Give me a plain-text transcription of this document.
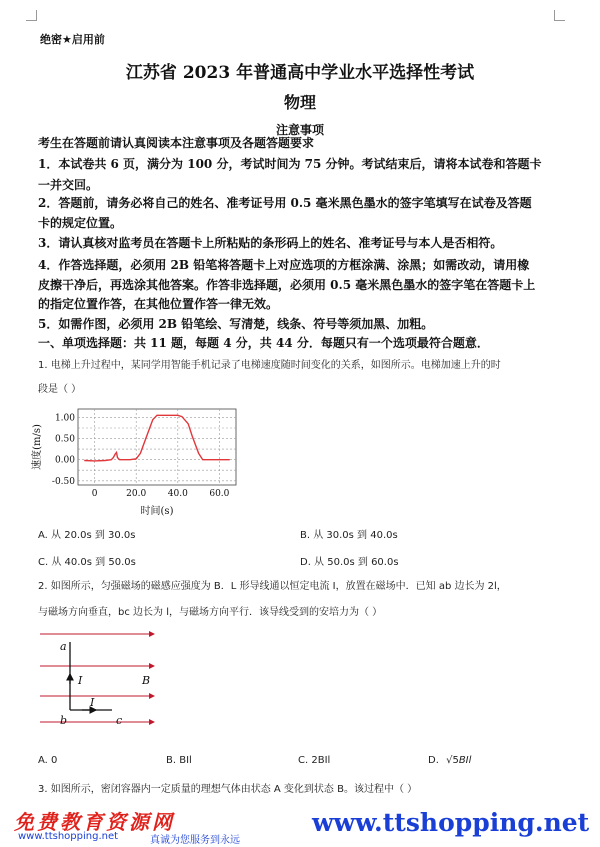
绝密★启用前
江苏省 2023 年普通高中学业水平选择性考试
物理
注意事项
考生在答题前请认真阅读本注意事项及各题答题要求
1．本试卷共 6 页，满分为 100 分，考试时间为 75 分钟。考试结束后，请将本试卷和答题卡
一并交回。
2．答题前，请务必将自己的姓名、准考证号用 0.5 毫米黑色墨水的签字笔填写在试卷及答题
卡的规定位置。
3．请认真核对监考员在答题卡上所粘贴的条形码上的姓名、准考证号与本人是否相符。
4．作答选择题，必须用 2B 铅笔将答题卡上对应选项的方框涂满、涂黑；如需改动，请用橡
皮擦干净后，再选涂其他答案。作答非选择题，必须用 0.5 毫米黑色墨水的签字笔在答题卡上
的指定位置作答，在其他位置作答一律无效。
5．如需作图，必须用 2B 铅笔绘、写清楚，线条、符号等须加黑、加粗。
一、单项选择题：共 11 题，每题 4 分，共 44 分．每题只有一个选项最符合题意．
1. 电梯上升过程中，某同学用智能手机记录了电梯速度随时间变化的关系，如图所示。电梯加速上升的时
段是（ ）
0	20.0 40.0 60.0
-0.50
-0.25
0.00
0.25
0.50
0.75
1.00
时间(s)
速度(m/s)
A. 从 20.0s 到 30.0s	B. 从 30.0s 到 40.0s
C. 从 40.0s 到 50.0s	D. 从 50.0s 到 60.0s
2. 如图所示，匀强磁场的磁感应强度为 B．L 形导线通以恒定电流 I，放置在磁场中．已知 ab 边长为 2l，
与磁场方向垂直，bc 边长为 l，与磁场方向平行．该导线受到的安培力为（ ）
a
b	c
I
I
B
A. 0	B. BIl	C. 2BIl	D. √5BIl
3. 如图所示，密闭容器内一定质量的理想气体由状态 A 变化到状态 B。该过程中（ ）
免费教育资源网
www.ttshopping.net	真诚为您服务到永远
www.ttshopping.net
